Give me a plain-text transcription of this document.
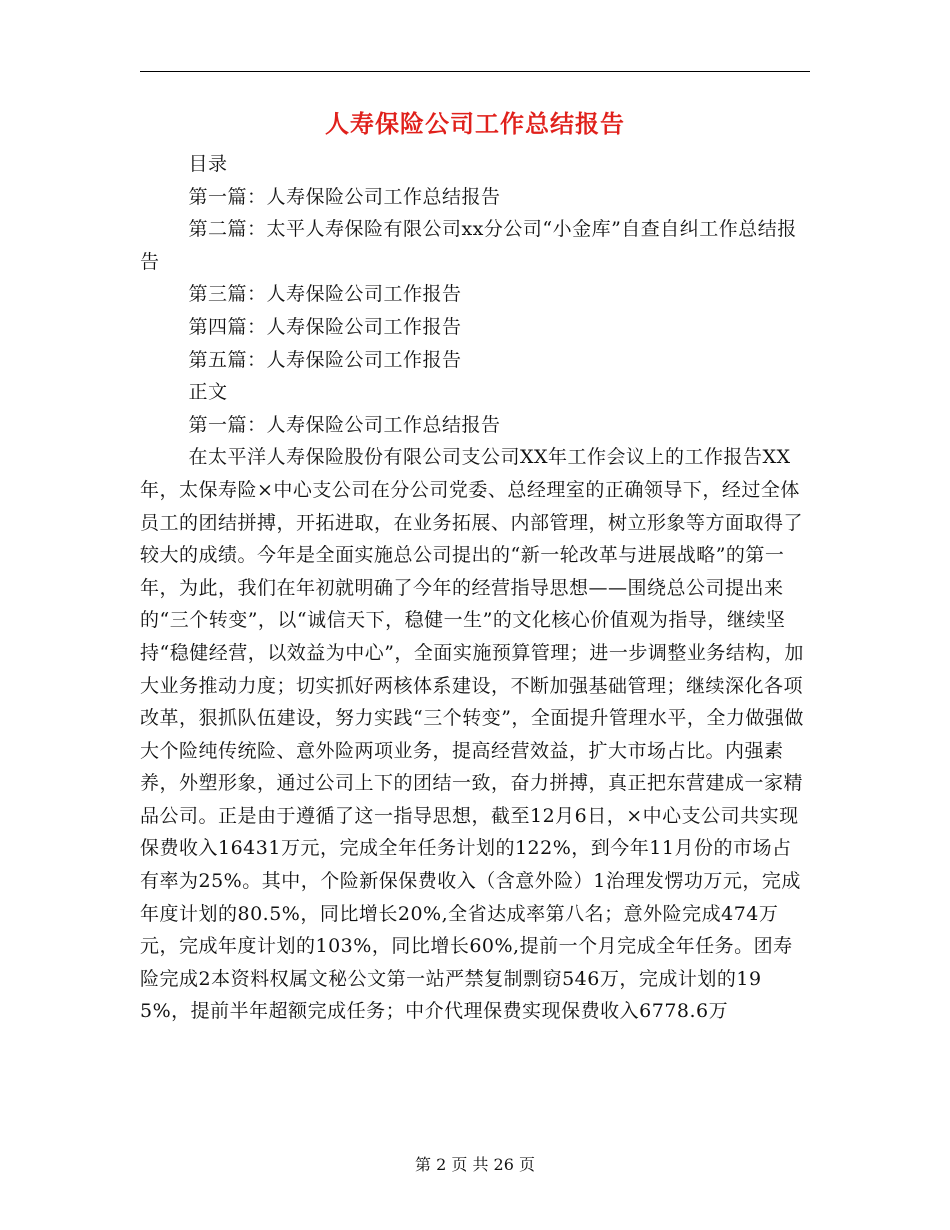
人寿保险公司工作总结报告

目录

第一篇：人寿保险公司工作总结报告

第二篇：太平人寿保险有限公司xx分公司“小金库”自查自纠工作总结报告

第三篇：人寿保险公司工作报告

第四篇：人寿保险公司工作报告

第五篇：人寿保险公司工作报告

正文

第一篇：人寿保险公司工作总结报告

在太平洋人寿保险股份有限公司支公司XX年工作会议上的工作报告XX年，太保寿险×中心支公司在分公司党委、总经理室的正确领导下，经过全体员工的团结拼搏，开拓进取，在业务拓展、内部管理，树立形象等方面取得了较大的成绩。今年是全面实施总公司提出的“新一轮改革与进展战略”的第一年，为此，我们在年初就明确了今年的经营指导思想——围绕总公司提出来的“三个转变”，以“诚信天下，稳健一生”的文化核心价值观为指导，继续坚持“稳健经营，以效益为中心”，全面实施预算管理；进一步调整业务结构，加大业务推动力度；切实抓好两核体系建设，不断加强基础管理；继续深化各项改革，狠抓队伍建设，努力实践“三个转变”，全面提升管理水平，全力做强做大个险纯传统险、意外险两项业务，提高经营效益，扩大市场占比。内强素养，外塑形象，通过公司上下的团结一致，奋力拼搏，真正把东营建成一家精品公司。正是由于遵循了这一指导思想，截至12月6日，×中心支公司共实现保费收入16431万元，完成全年任务计划的122%，到今年11月份的市场占有率为25%。其中，个险新保保费收入（含意外险）1治理发愣功万元，完成年度计划的80.5%，同比增长20%,全省达成率第八名；意外险完成474万元，完成年度计划的103%，同比增长60%,提前一个月完成全年任务。团寿险完成2本资料权属文秘公文第一站严禁复制剽窃546万，完成计划的195%，提前半年超额完成任务；中介代理保费实现保费收入6778.6万

第 2 页 共 26 页
